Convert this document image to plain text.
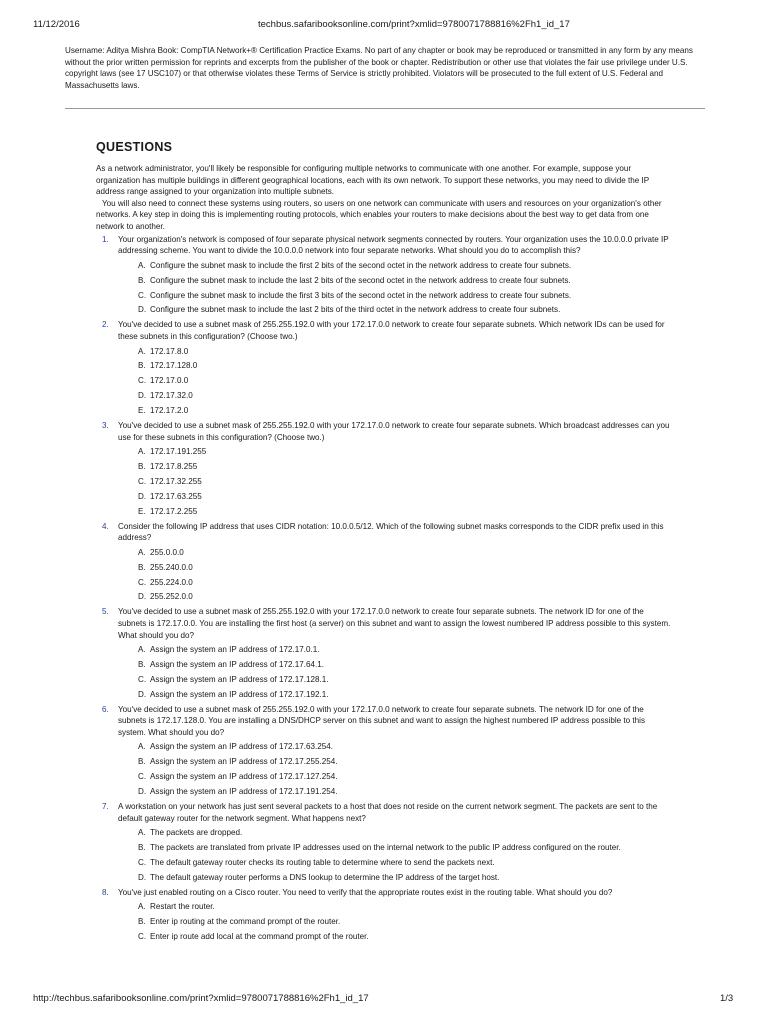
11/12/2016	techbus.safaribooksonline.com/print?xmlid=9780071788816%2Fh1_id_17
Username: Aditya Mishra Book: CompTIA Network+® Certification Practice Exams. No part of any chapter or book may be reproduced or transmitted in any form by any means without the prior written permission for reprints and excerpts from the publisher of the book or chapter. Redistribution or other use that violates the fair use privilege under U.S. copyright laws (see 17 USC107) or that otherwise violates these Terms of Service is strictly prohibited. Violators will be prosecuted to the full extent of U.S. Federal and Massachusetts laws.
QUESTIONS

As a network administrator, you'll likely be responsible for configuring multiple networks to communicate with one another. For example, suppose your organization has multiple buildings in different geographical locations, each with its own network. To support these networks, you may need to divide the IP address range assigned to your organization into multiple subnets.

You will also need to connect these systems using routers, so users on one network can communicate with users and resources on your organization's other networks. A key step in doing this is implementing routing protocols, which enables your routers to make decisions about the best way to get data from one network to another.

1. Your organization's network is composed of four separate physical network segments connected by routers. Your organization uses the 10.0.0.0 private IP addressing scheme. You want to divide the 10.0.0.0 network into four separate networks. What should you do to accomplish this?
A. Configure the subnet mask to include the first 2 bits of the second octet in the network address to create four subnets.
B. Configure the subnet mask to include the last 2 bits of the second octet in the network address to create four subnets.
C. Configure the subnet mask to include the first 3 bits of the second octet in the network address to create four subnets.
D. Configure the subnet mask to include the last 2 bits of the third octet in the network address to create four subnets.
2. You've decided to use a subnet mask of 255.255.192.0 with your 172.17.0.0 network to create four separate subnets. Which network IDs can be used for these subnets in this configuration? (Choose two.)
A. 172.17.8.0
B. 172.17.128.0
C. 172.17.0.0
D. 172.17.32.0
E. 172.17.2.0
3. You've decided to use a subnet mask of 255.255.192.0 with your 172.17.0.0 network to create four separate subnets. Which broadcast addresses can you use for these subnets in this configuration? (Choose two.)
A. 172.17.191.255
B. 172.17.8.255
C. 172.17.32.255
D. 172.17.63.255
E. 172.17.2.255
4. Consider the following IP address that uses CIDR notation: 10.0.0.5/12. Which of the following subnet masks corresponds to the CIDR prefix used in this address?
A. 255.0.0.0
B. 255.240.0.0
C. 255.224.0.0
D. 255.252.0.0
5. You've decided to use a subnet mask of 255.255.192.0 with your 172.17.0.0 network to create four separate subnets. The network ID for one of the subnets is 172.17.0.0. You are installing the first host (a server) on this subnet and want to assign the lowest numbered IP address possible to this system. What should you do?
A. Assign the system an IP address of 172.17.0.1.
B. Assign the system an IP address of 172.17.64.1.
C. Assign the system an IP address of 172.17.128.1.
D. Assign the system an IP address of 172.17.192.1.
6. You've decided to use a subnet mask of 255.255.192.0 with your 172.17.0.0 network to create four separate subnets. The network ID for one of the subnets is 172.17.128.0. You are installing a DNS/DHCP server on this subnet and want to assign the highest numbered IP address possible to this system. What should you do?
A. Assign the system an IP address of 172.17.63.254.
B. Assign the system an IP address of 172.17.255.254.
C. Assign the system an IP address of 172.17.127.254.
D. Assign the system an IP address of 172.17.191.254.
7. A workstation on your network has just sent several packets to a host that does not reside on the current network segment. The packets are sent to the default gateway router for the network segment. What happens next?
A. The packets are dropped.
B. The packets are translated from private IP addresses used on the internal network to the public IP address configured on the router.
C. The default gateway router checks its routing table to determine where to send the packets next.
D. The default gateway router performs a DNS lookup to determine the IP address of the target host.
8. You've just enabled routing on a Cisco router. You need to verify that the appropriate routes exist in the routing table. What should you do?
A. Restart the router.
B. Enter ip routing at the command prompt of the router.
C. Enter ip route add local at the command prompt of the router.
http://techbus.safaribooksonline.com/print?xmlid=9780071788816%2Fh1_id_17	1/3
